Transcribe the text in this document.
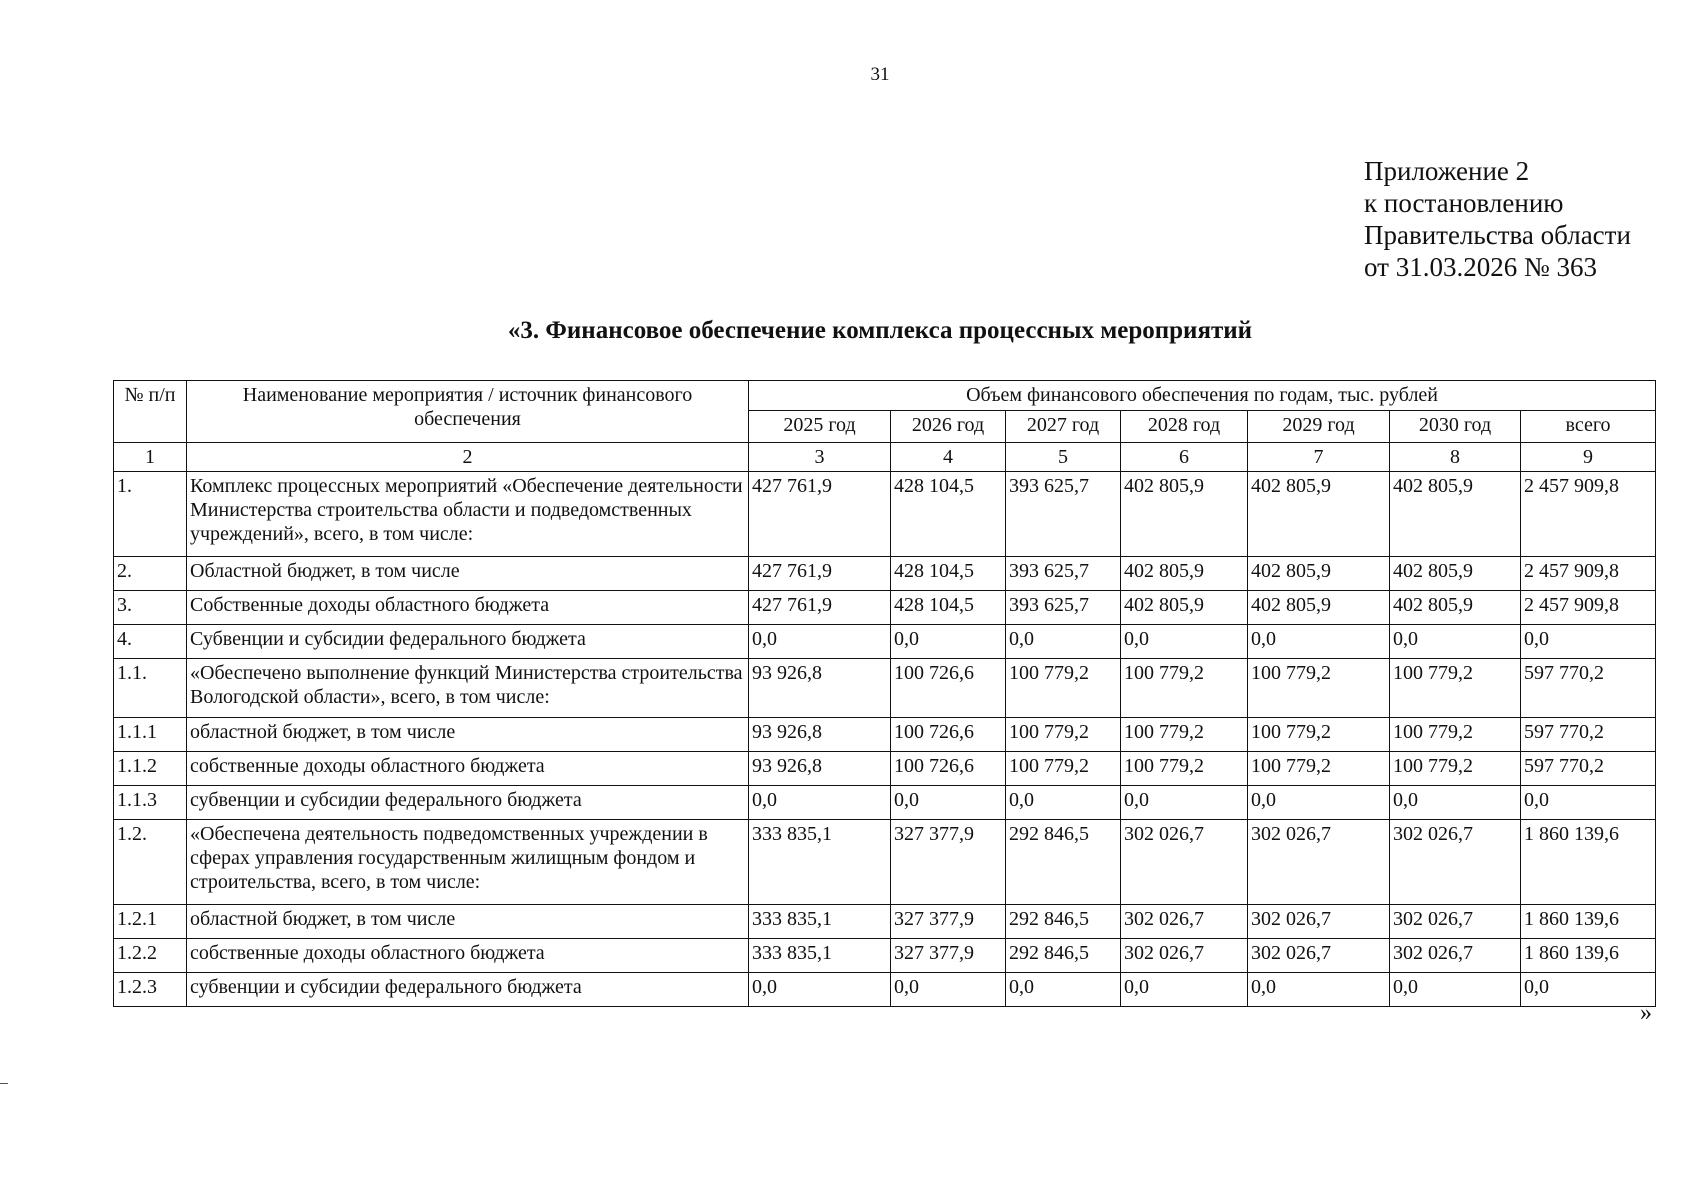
31
Приложение 2
к постановлению
Правительства области
от 31.03.2026 № 363
«3. Финансовое обеспечение комплекса процессных мероприятий
№ п/п	Наименование мероприятия / источник финансового обеспечения	Объем финансового обеспечения по годам, тыс. рублей						
		2025 год	2026 год	2027 год	2028 год	2029 год	2030 год	всего
1	2	3	4	5	6	7	8	9
1.	Комплекс процессных мероприятий «Обеспечение деятельности Министерства строительства области и подведомственных учреждений», всего, в том числе:	427 761,9	428 104,5	393 625,7	402 805,9	402 805,9	402 805,9	2 457 909,8
2.	Областной бюджет, в том числе	427 761,9	428 104,5	393 625,7	402 805,9	402 805,9	402 805,9	2 457 909,8
3.	Собственные доходы областного бюджета	427 761,9	428 104,5	393 625,7	402 805,9	402 805,9	402 805,9	2 457 909,8
4.	Субвенции и субсидии федерального бюджета	0,0	0,0	0,0	0,0	0,0	0,0	0,0
1.1.	«Обеспечено выполнение функций Министерства строительства Вологодской области», всего, в том числе:	93 926,8	100 726,6	100 779,2	100 779,2	100 779,2	100 779,2	597 770,2
1.1.1	областной бюджет, в том числе	93 926,8	100 726,6	100 779,2	100 779,2	100 779,2	100 779,2	597 770,2
1.1.2	собственные доходы областного бюджета	93 926,8	100 726,6	100 779,2	100 779,2	100 779,2	100 779,2	597 770,2
1.1.3	субвенции и субсидии федерального бюджета	0,0	0,0	0,0	0,0	0,0	0,0	0,0
1.2.	«Обеспечена деятельность подведомственных учреждении в сферах управления государственным жилищным фондом и строительства, всего, в том числе:	333 835,1	327 377,9	292 846,5	302 026,7	302 026,7	302 026,7	1 860 139,6
1.2.1	областной бюджет, в том числе	333 835,1	327 377,9	292 846,5	302 026,7	302 026,7	302 026,7	1 860 139,6
1.2.2	собственные доходы областного бюджета	333 835,1	327 377,9	292 846,5	302 026,7	302 026,7	302 026,7	1 860 139,6
1.2.3	субвенции и субсидии федерального бюджета	0,0	0,0	0,0	0,0	0,0	0,0	0,0
»
